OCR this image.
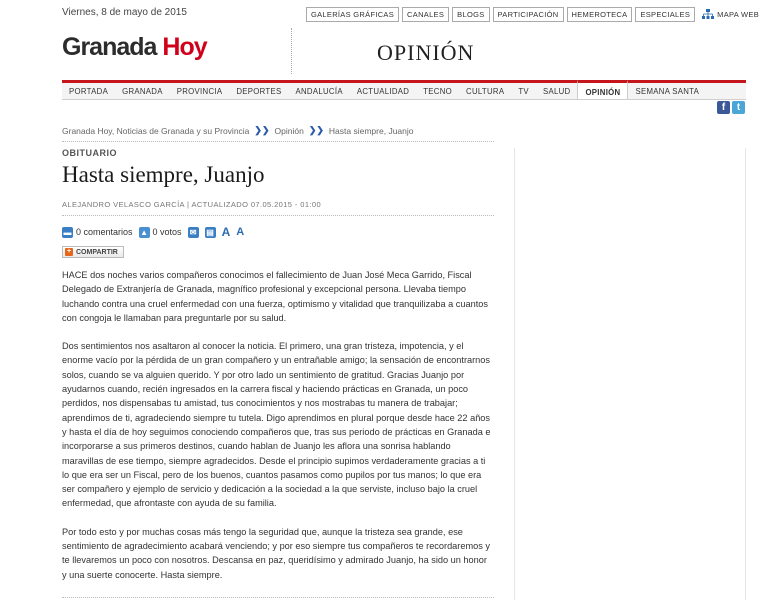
Viernes, 8 de mayo de 2015	GALERÍAS GRÁFICAS	CANALES	BLOGS	PARTICIPACIÓN	HEMEROTECA	ESPECIALES	MAPA WEB
Granada Hoy	OPINIÓN
PORTADA	GRANADA	PROVINCIA	DEPORTES	ANDALUCÍA	ACTUALIDAD	TECNO	CULTURA	TV	SALUD	OPINIÓN	SEMANA SANTA
f	t
Granada Hoy, Noticias de Granada y su Provincia ❯❯ Opinión ❯❯ Hasta siempre, Juanjo
OBITUARIO
Hasta siempre, Juanjo
ALEJANDRO VELASCO GARCÍA | ACTUALIZADO 07.05.2015 - 01:00
▬ 0 comentarios ▲ 0 votos ✉ ▤ A A
+ COMPARTIR

HACE dos noches varios compañeros conocimos el fallecimiento de Juan José Meca Garrido, Fiscal Delegado de Extranjería de Granada, magnífico profesional y excepcional persona. Llevaba tiempo luchando contra una cruel enfermedad con una fuerza, optimismo y vitalidad que tranquilizaba a cuantos con congoja le llamaban para preguntarle por su salud.

Dos sentimientos nos asaltaron al conocer la noticia. El primero, una gran tristeza, impotencia, y el enorme vacío por la pérdida de un gran compañero y un entrañable amigo; la sensación de encontrarnos solos, cuando se va alguien querido. Y por otro lado un sentimiento de gratitud. Gracias Juanjo por ayudarnos cuando, recién ingresados en la carrera fiscal y haciendo prácticas en Granada, un poco perdidos, nos dispensabas tu amistad, tus conocimientos y nos mostrabas tu manera de trabajar; aprendimos de ti, agradeciendo siempre tu tutela. Digo aprendimos en plural porque desde hace 22 años y hasta el día de hoy seguimos conociendo compañeros que, tras sus periodo de prácticas en Granada e incorporarse a sus primeros destinos, cuando hablan de Juanjo les aflora una sonrisa hablando maravillas de ese tiempo, siempre agradecidos. Desde el principio supimos verdaderamente gracias a ti lo que era ser un Fiscal, pero de los buenos, cuantos pasamos como pupilos por tus manos; lo que era ser compañero y ejemplo de servicio y dedicación a la sociedad a la que serviste, incluso bajo la cruel enfermedad, que afrontaste con ayuda de su familia.

Por todo esto y por muchas cosas más tengo la seguridad que, aunque la tristeza sea grande, ese sentimiento de agradecimiento acabará venciendo; y por eso siempre tus compañeros te recordaremos y te llevaremos un poco con nosotros. Descansa en paz, queridísimo y admirado Juanjo, ha sido un honor y una suerte conocerte. Hasta siempre.
